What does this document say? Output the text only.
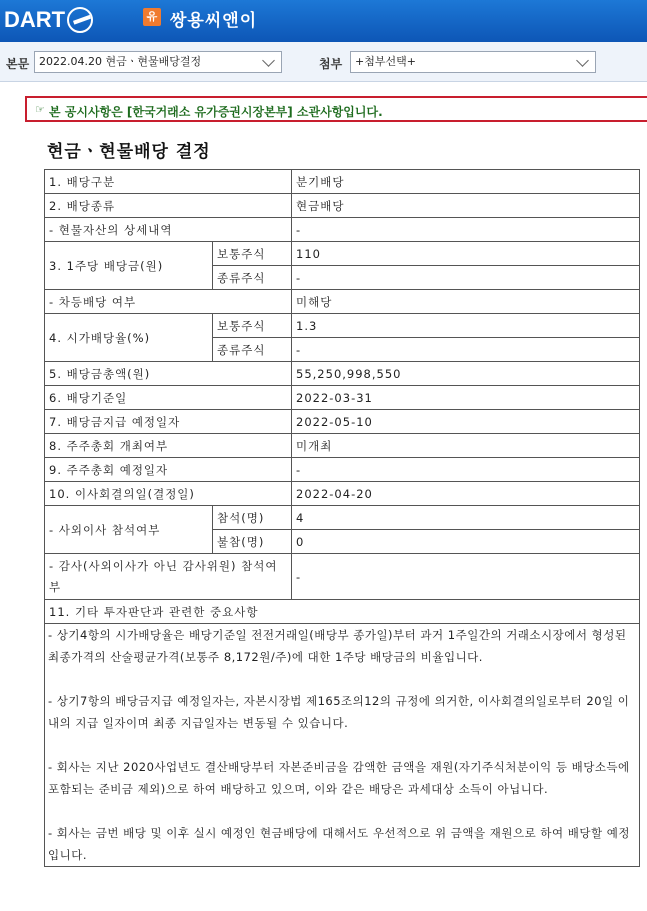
DART	유 쌍용씨앤이
본문 2022.04.20 현금ㆍ현물배당결정	첨부	+첨부선택+
☞ 본 공시사항은 [한국거래소 유가증권시장본부] 소관사항입니다.
현금ㆍ현물배당 결정
1. 배당구분		분기배당
2. 배당종류		현금배당
- 현물자산의 상세내역		-
3. 1주당 배당금(원)	보통주식	110
	종류주식	-
- 차등배당 여부		미해당
4. 시가배당율(%)	보통주식	1.3
	종류주식	-
5. 배당금총액(원)		55,250,998,550
6. 배당기준일		2022-03-31
7. 배당금지급 예정일자		2022-05-10
8. 주주총회 개최여부		미개최
9. 주주총회 예정일자		-
10. 이사회결의일(결정일)		2022-04-20
- 사외이사 참석여부	참석(명)	4
	불참(명)	0
- 감사(사외이사가 아닌 감사위원) 참석여부		-
11. 기타 투자판단과 관련한 중요사항		

- 상기4항의 시가배당율은 배당기준일 전전거래일(배당부 종가일)부터 과거 1주일간의 거래소시장에서 형성된 최종가격의 산술평균가격(보통주 8,172원/주)에 대한 1주당 배당금의 비율입니다.
- 상기7항의 배당금지급 예정일자는, 자본시장법 제165조의12의 규정에 의거한, 이사회결의일로부터 20일 이내의 지급 일자이며 최종 지급일자는 변동될 수 있습니다.
- 회사는 지난 2020사업년도 결산배당부터 자본준비금을 감액한 금액을 재원(자기주식처분이익 등 배당소득에 포함되는 준비금 제외)으로 하여 배당하고 있으며, 이와 같은 배당은 과세대상 소득이 아닙니다.
- 회사는 금번 배당 및 이후 실시 예정인 현금배당에 대해서도 우선적으로 위 금액을 재원으로 하여 배당할 예정입니다.		
